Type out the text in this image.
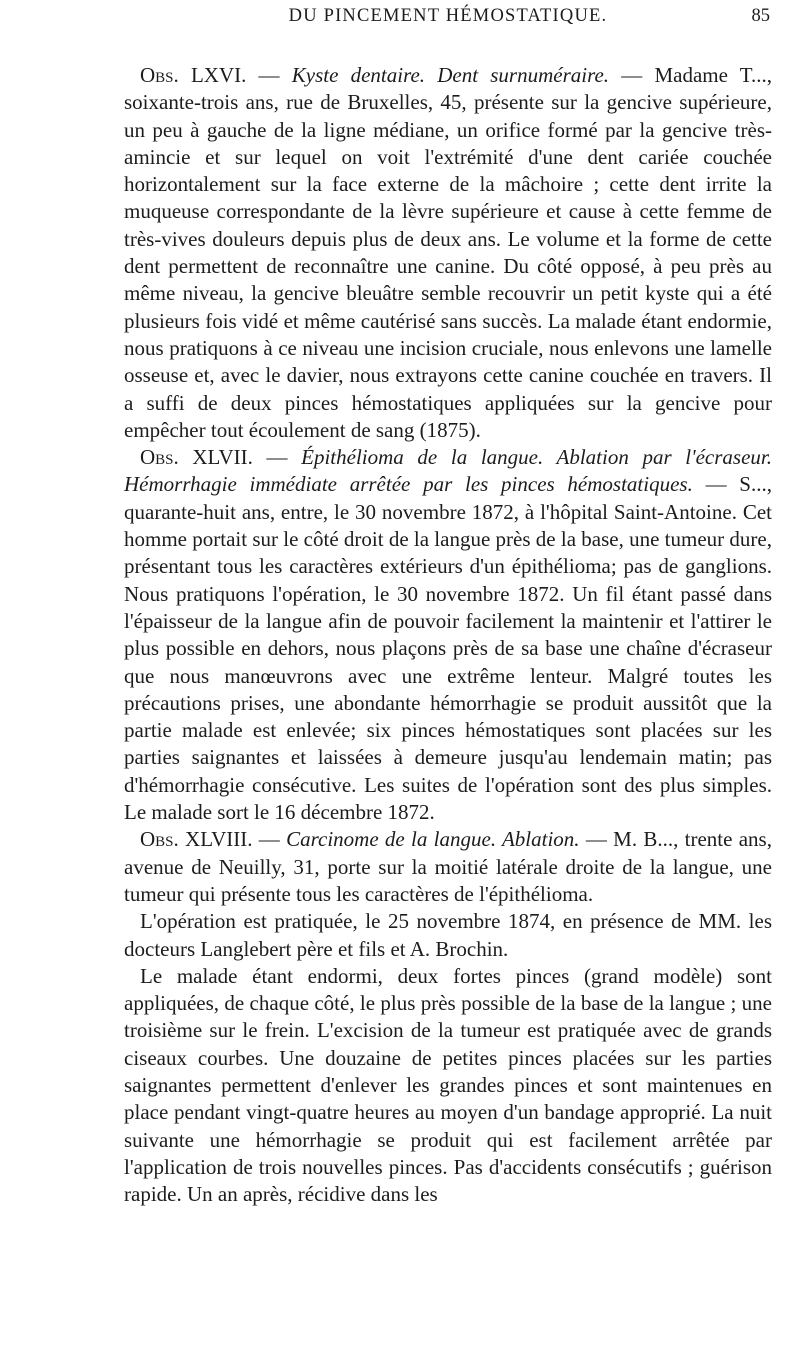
DU PINCEMENT HÉMOSTATIQUE.	85

Obs. LXVI. — Kyste dentaire. Dent surnuméraire. — Madame T..., soixante-trois ans, rue de Bruxelles, 45, présente sur la gencive supérieure, un peu à gauche de la ligne médiane, un orifice formé par la gencive très-amincie et sur lequel on voit l'extrémité d'une dent cariée couchée horizontalement sur la face externe de la mâchoire ; cette dent irrite la muqueuse correspondante de la lèvre supérieure et cause à cette femme de très-vives douleurs depuis plus de deux ans. Le volume et la forme de cette dent permettent de reconnaître une canine. Du côté opposé, à peu près au même niveau, la gencive bleuâtre semble recouvrir un petit kyste qui a été plusieurs fois vidé et même cautérisé sans succès. La malade étant endormie, nous pratiquons à ce niveau une incision cruciale, nous enlevons une lamelle osseuse et, avec le davier, nous extrayons cette canine couchée en travers. Il a suffi de deux pinces hémostatiques appliquées sur la gencive pour empêcher tout écoulement de sang (1875).

Obs. XLVII. — Épithélioma de la langue. Ablation par l'écraseur. Hémorrhagie immédiate arrêtée par les pinces hémostatiques. — S..., quarante-huit ans, entre, le 30 novembre 1872, à l'hôpital Saint-Antoine. Cet homme portait sur le côté droit de la langue près de la base, une tumeur dure, présentant tous les caractères extérieurs d'un épithélioma; pas de ganglions. Nous pratiquons l'opération, le 30 novembre 1872. Un fil étant passé dans l'épaisseur de la langue afin de pouvoir facilement la maintenir et l'attirer le plus possible en dehors, nous plaçons près de sa base une chaîne d'écraseur que nous manœuvrons avec une extrême lenteur. Malgré toutes les précautions prises, une abondante hémorrhagie se produit aussitôt que la partie malade est enlevée; six pinces hémostatiques sont placées sur les parties saignantes et laissées à demeure jusqu'au lendemain matin; pas d'hémorrhagie consécutive. Les suites de l'opération sont des plus simples. Le malade sort le 16 décembre 1872.

Obs. XLVIII. — Carcinome de la langue. Ablation. — M. B..., trente ans, avenue de Neuilly, 31, porte sur la moitié latérale droite de la langue, une tumeur qui présente tous les caractères de l'épithélioma.

L'opération est pratiquée, le 25 novembre 1874, en présence de MM. les docteurs Langlebert père et fils et A. Brochin.

Le malade étant endormi, deux fortes pinces (grand modèle) sont appliquées, de chaque côté, le plus près possible de la base de la langue ; une troisième sur le frein. L'excision de la tumeur est pratiquée avec de grands ciseaux courbes. Une douzaine de petites pinces placées sur les parties saignantes permettent d'enlever les grandes pinces et sont maintenues en place pendant vingt-quatre heures au moyen d'un bandage approprié. La nuit suivante une hémorrhagie se produit qui est facilement arrêtée par l'application de trois nouvelles pinces. Pas d'accidents consécutifs ; guérison rapide. Un an après, récidive dans les
